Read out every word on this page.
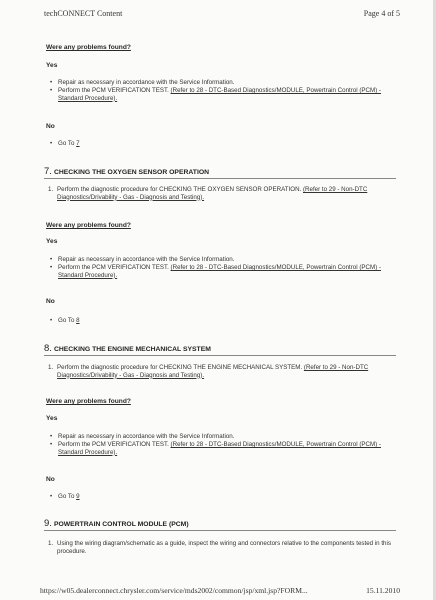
techCONNECT Content	Page 4 of 5
Were any problems found?
Yes
• Repair as necessary in accordance with the Service Information.
• Perform the PCM VERIFICATION TEST. (Refer to 28 - DTC-Based Diagnostics/MODULE, Powertrain Control (PCM) - Standard Procedure).
No
• Go To 7
7. CHECKING THE OXYGEN SENSOR OPERATION
1. Perform the diagnostic procedure for CHECKING THE OXYGEN SENSOR OPERATION. (Refer to 29 - Non-DTC Diagnostics/Drivability - Gas - Diagnosis and Testing).
Were any problems found?
Yes
• Repair as necessary in accordance with the Service Information.
• Perform the PCM VERIFICATION TEST. (Refer to 28 - DTC-Based Diagnostics/MODULE, Powertrain Control (PCM) - Standard Procedure).
No
• Go To 8
8. CHECKING THE ENGINE MECHANICAL SYSTEM
1. Perform the diagnostic procedure for CHECKING THE ENGINE MECHANICAL SYSTEM. (Refer to 29 - Non-DTC Diagnostics/Drivability - Gas - Diagnosis and Testing).
Were any problems found?
Yes
• Repair as necessary in accordance with the Service Information.
• Perform the PCM VERIFICATION TEST. (Refer to 28 - DTC-Based Diagnostics/MODULE, Powertrain Control (PCM) - Standard Procedure).
No
• Go To 9
9. POWERTRAIN CONTROL MODULE (PCM)
1. Using the wiring diagram/schematic as a guide, inspect the wiring and connectors relative to the components tested in this procedure.
https://w05.dealerconnect.chrysler.com/service/mds2002/common/jsp/xml.jsp?FORM...	15.11.2010
